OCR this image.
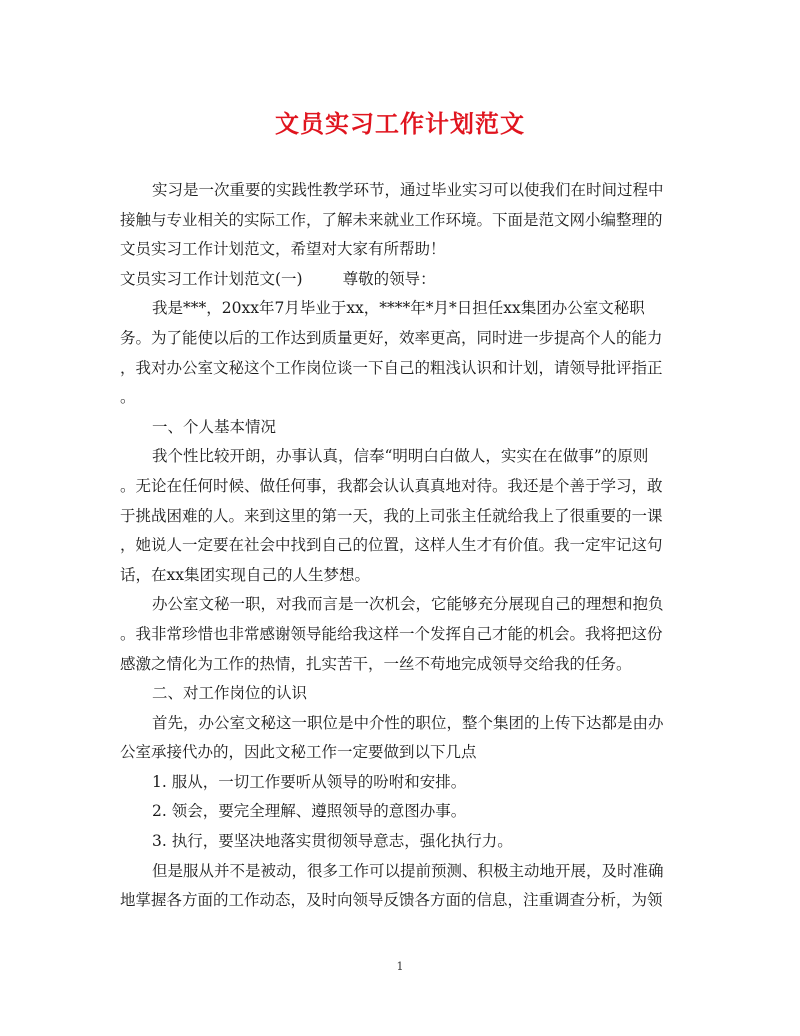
文员实习工作计划范文

实习是一次重要的实践性教学环节，通过毕业实习可以使我们在时间过程中

接触与专业相关的实际工作，了解未来就业工作环境。下面是范文网小编整理的

文员实习工作计划范文，希望对大家有所帮助！

文员实习工作计划范文(一)	尊敬的领导：

我是***，20xx年7月毕业于xx，****年*月*日担任xx集团办公室文秘职

务。为了能使以后的工作达到质量更好，效率更高，同时进一步提高个人的能力

，我对办公室文秘这个工作岗位谈一下自己的粗浅认识和计划，请领导批评指正

。

一、个人基本情况

我个性比较开朗，办事认真，信奉“明明白白做人，实实在在做事”的原则

。无论在任何时候、做任何事，我都会认认真真地对待。我还是个善于学习，敢

于挑战困难的人。来到这里的第一天，我的上司张主任就给我上了很重要的一课

，她说人一定要在社会中找到自己的位置，这样人生才有价值。我一定牢记这句

话，在xx集团实现自己的人生梦想。

办公室文秘一职，对我而言是一次机会，它能够充分展现自己的理想和抱负

。我非常珍惜也非常感谢领导能给我这样一个发挥自己才能的机会。我将把这份

感激之情化为工作的热情，扎实苦干，一丝不苟地完成领导交给我的任务。

二、对工作岗位的认识

首先，办公室文秘这一职位是中介性的职位，整个集团的上传下达都是由办

公室承接代办的，因此文秘工作一定要做到以下几点

1. 服从，一切工作要听从领导的吩咐和安排。

2. 领会，要完全理解、遵照领导的意图办事。

3. 执行，要坚决地落实贯彻领导意志，强化执行力。

但是服从并不是被动，很多工作可以提前预测、积极主动地开展，及时准确

地掌握各方面的工作动态，及时向领导反馈各方面的信息，注重调查分析，为领

1
